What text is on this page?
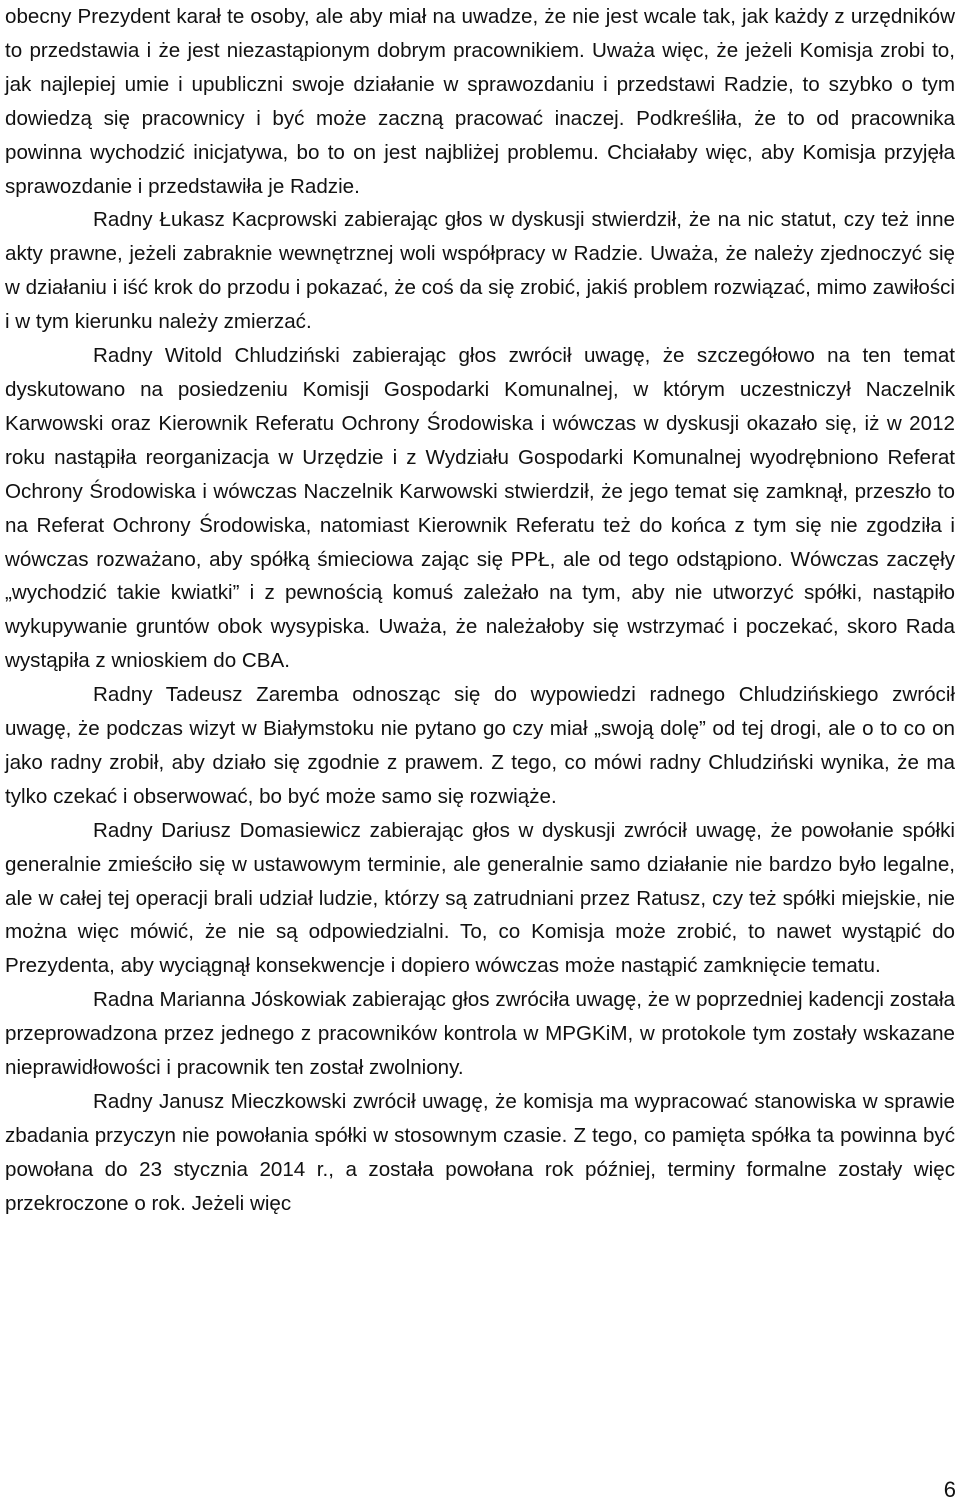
obecny Prezydent karał te osoby, ale aby miał na uwadze, że nie jest wcale tak, jak każdy z urzędników to przedstawia i że jest niezastąpionym dobrym pracownikiem. Uważa więc, że jeżeli Komisja zrobi to, jak najlepiej umie i upubliczni swoje działanie w sprawozdaniu i przedstawi Radzie, to szybko o tym dowiedzą się pracownicy i być może zaczną pracować inaczej. Podkreśliła, że to od pracownika powinna wychodzić inicjatywa, bo to on jest najbliżej problemu. Chciałaby więc, aby Komisja przyjęła sprawozdanie i przedstawiła je Radzie.

Radny Łukasz Kacprowski zabierając głos w dyskusji stwierdził, że na nic statut, czy też inne akty prawne, jeżeli zabraknie wewnętrznej woli współpracy w Radzie. Uważa, że należy zjednoczyć się w działaniu i iść krok do przodu i pokazać, że coś da się zrobić, jakiś problem rozwiązać, mimo zawiłości i w tym kierunku należy zmierzać.

Radny Witold Chludziński zabierając głos zwrócił uwagę, że szczegółowo na ten temat dyskutowano na posiedzeniu Komisji Gospodarki Komunalnej, w którym uczestniczył Naczelnik Karwowski oraz Kierownik Referatu Ochrony Środowiska i wówczas w dyskusji okazało się, iż w 2012 roku nastąpiła reorganizacja w Urzędzie i z Wydziału Gospodarki Komunalnej wyodrębniono Referat Ochrony Środowiska i wówczas Naczelnik Karwowski stwierdził, że jego temat się zamknął, przeszło to na Referat Ochrony Środowiska, natomiast Kierownik Referatu też do końca z tym się nie zgodziła i wówczas rozważano, aby spółką śmieciowa zając się PPŁ, ale od tego odstąpiono. Wówczas zaczęły „wychodzić takie kwiatki” i z pewnością komuś zależało na tym, aby nie utworzyć spółki, nastąpiło wykupywanie gruntów obok wysypiska. Uważa, że należałoby się wstrzymać i poczekać, skoro Rada wystąpiła z wnioskiem do CBA.

Radny Tadeusz Zaremba odnosząc się do wypowiedzi radnego Chludzińskiego zwrócił uwagę, że podczas wizyt w Białymstoku nie pytano go czy miał „swoją dolę” od tej drogi, ale o to co on jako radny zrobił, aby działo się zgodnie z prawem. Z tego, co mówi radny Chludziński wynika, że ma tylko czekać i obserwować, bo być może samo się rozwiąże.

Radny Dariusz Domasiewicz zabierając głos w dyskusji zwrócił uwagę, że powołanie spółki generalnie zmieściło się w ustawowym terminie, ale generalnie samo działanie nie bardzo było legalne, ale w całej tej operacji brali udział ludzie, którzy są zatrudniani przez Ratusz, czy też spółki miejskie, nie można więc mówić, że nie są odpowiedzialni. To, co Komisja może zrobić, to nawet wystąpić do Prezydenta, aby wyciągnął konsekwencje i dopiero wówczas może nastąpić zamknięcie tematu.

Radna Marianna Jóskowiak zabierając głos zwróciła uwagę, że w poprzedniej kadencji została przeprowadzona przez jednego z pracowników kontrola w MPGKiM, w protokole tym zostały wskazane nieprawidłowości i pracownik ten został zwolniony.

Radny Janusz Mieczkowski zwrócił uwagę, że komisja ma wypracować stanowiska w sprawie zbadania przyczyn nie powołania spółki w stosownym czasie. Z tego, co pamięta spółka ta powinna być powołana do 23 stycznia 2014 r., a została powołana rok później, terminy formalne zostały więc przekroczone o rok. Jeżeli więc

6
